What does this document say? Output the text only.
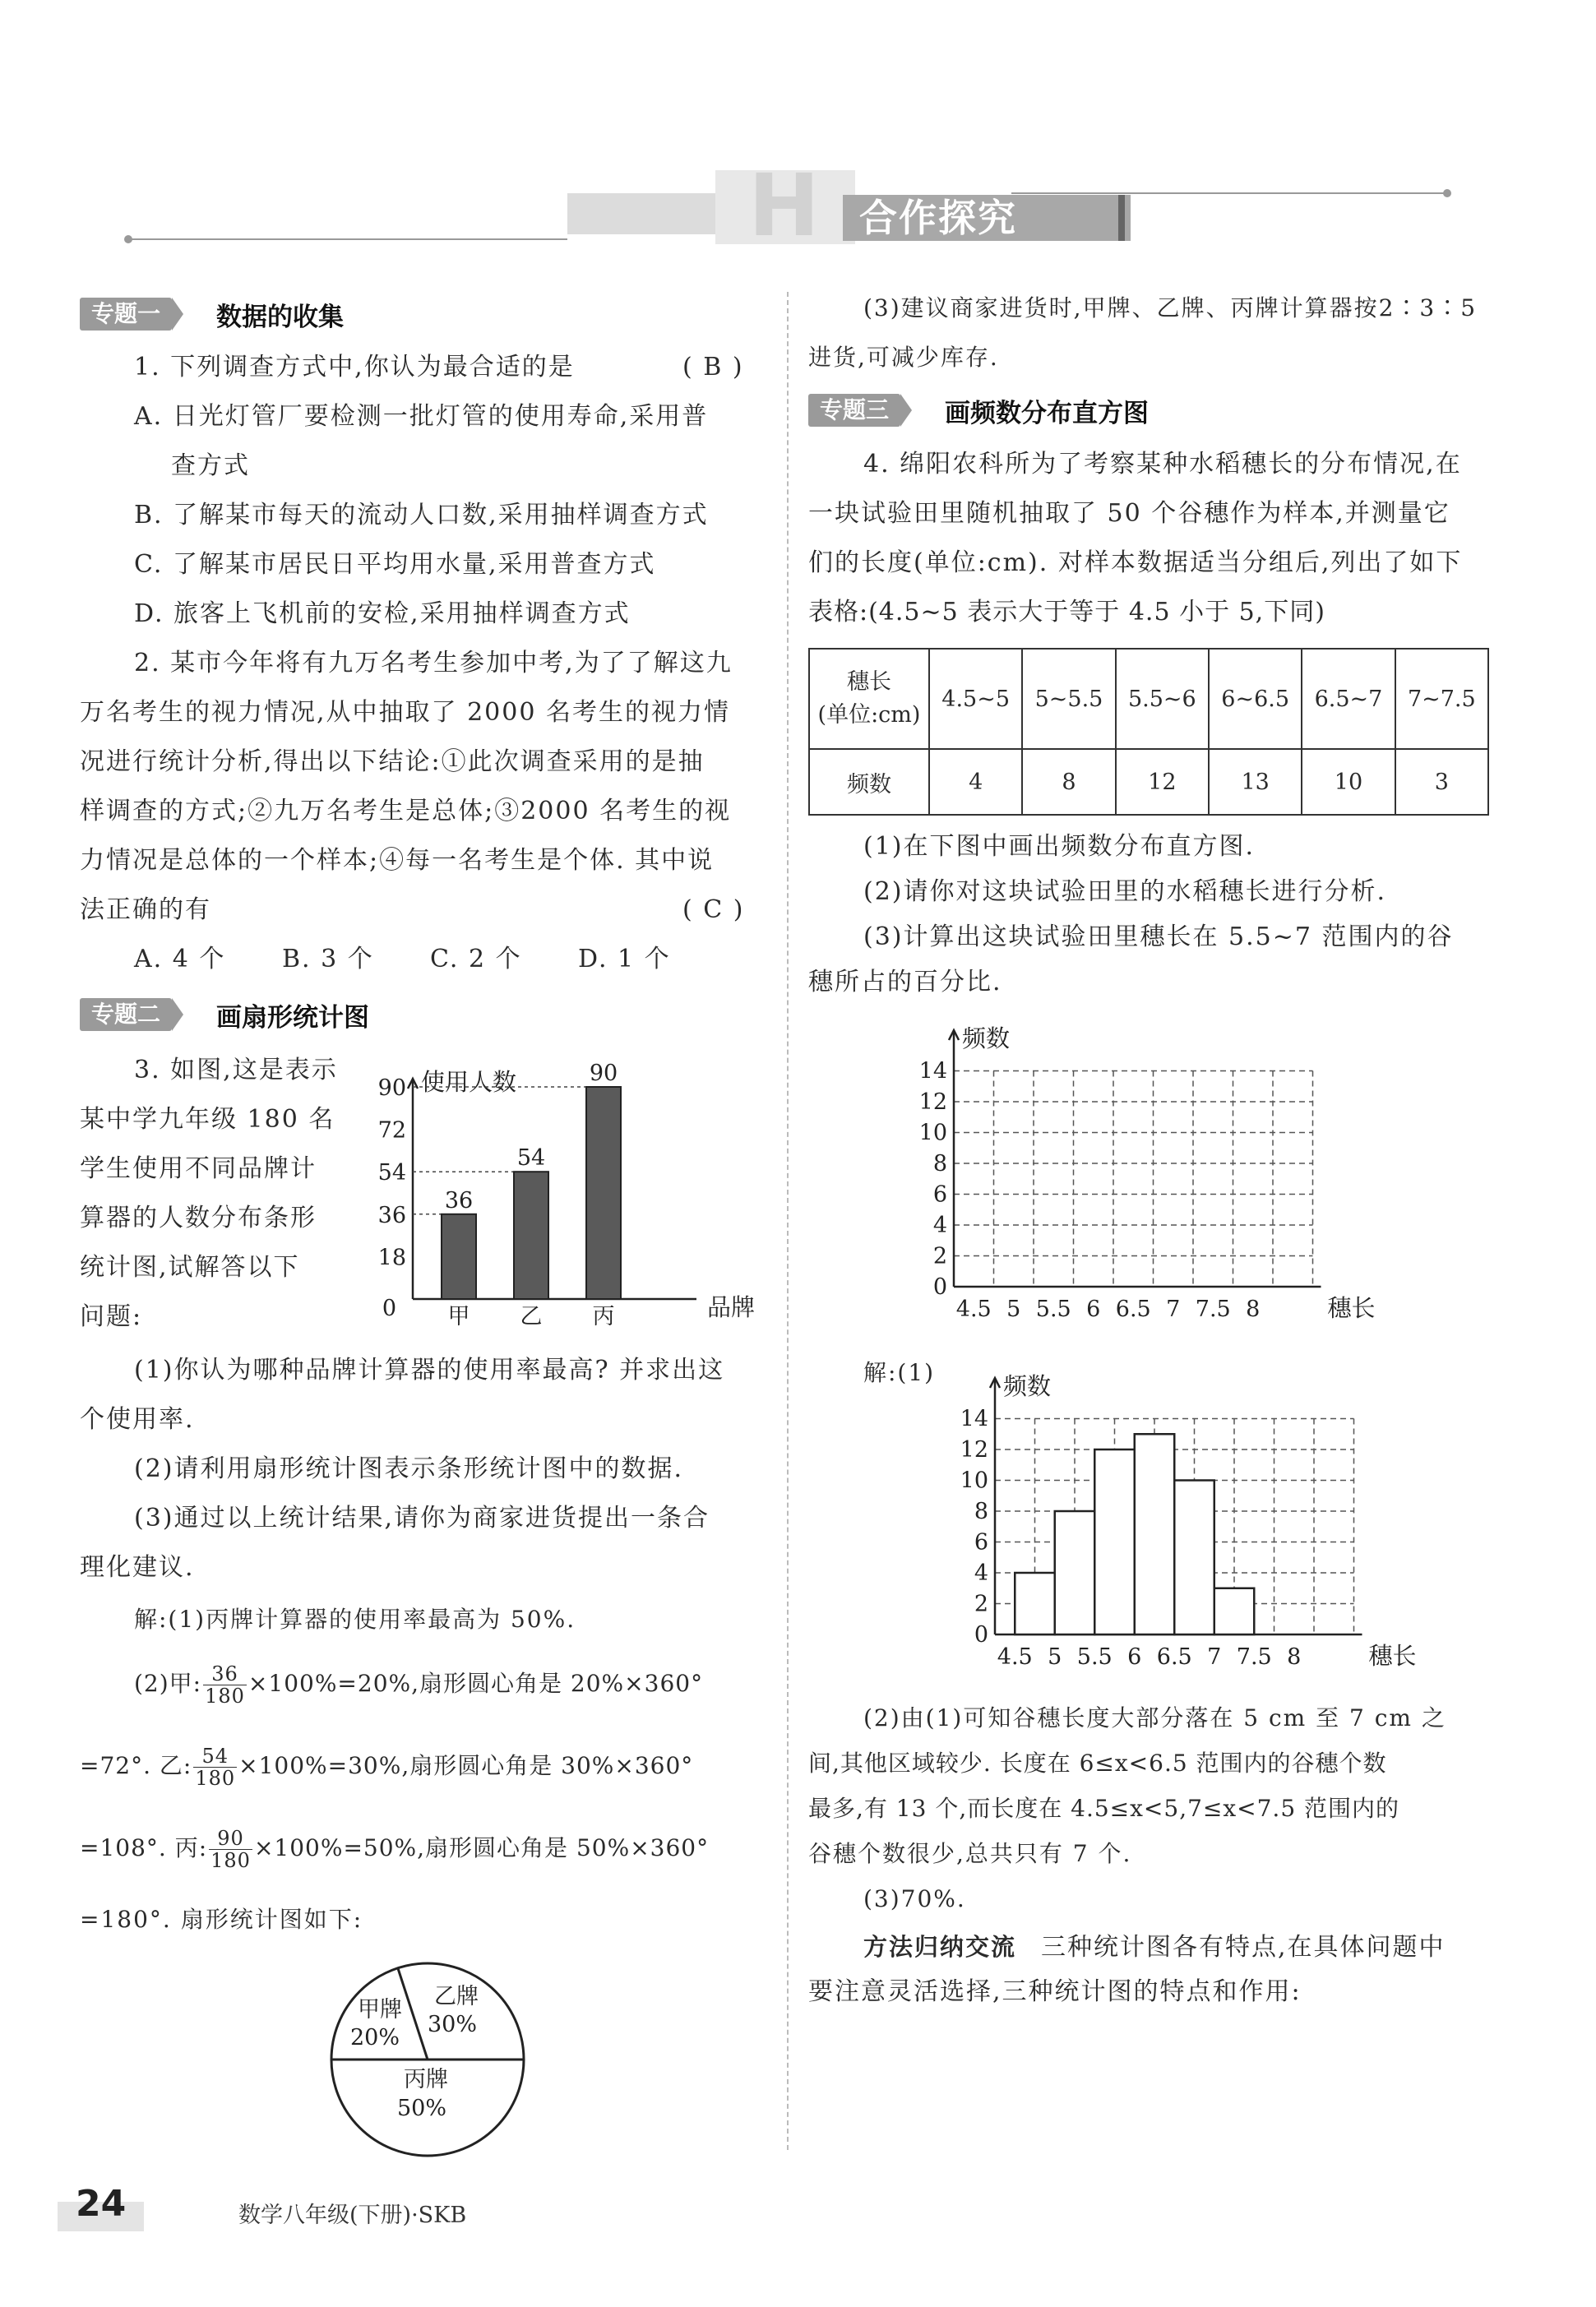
H 合作探究
专题一	数据的收集
1. 下列调查方式中,你认为最合适的是	( B )
A. 日光灯管厂要检测一批灯管的使用寿命,采用普
查方式
B. 了解某市每天的流动人口数,采用抽样调查方式
C. 了解某市居民日平均用水量,采用普查方式
D. 旅客上飞机前的安检,采用抽样调查方式
2. 某市今年将有九万名考生参加中考,为了了解这九
万名考生的视力情况,从中抽取了 2000 名考生的视力情
况进行统计分析,得出以下结论:①此次调查采用的是抽
样调查的方式;②九万名考生是总体;③2000 名考生的视
力情况是总体的一个样本;④每一名考生是个体. 其中说
法正确的有	( C )
A. 4 个 B. 3 个 C. 2 个 D. 1 个
专题二	画扇形统计图
3. 如图,这是表示
某中学九年级 180 名
学生使用不同品牌计
算器的人数分布条形
统计图,试解答以下
问题:
使用人数
品牌
0
18
36
54
72
90
36
甲
54
乙
90
丙
(1)你认为哪种品牌计算器的使用率最高? 并求出这
个使用率.
(2)请利用扇形统计图表示条形统计图中的数据.
(3)通过以上统计结果,请你为商家进货提出一条合
理化建议.
解:(1)丙牌计算器的使用率最高为 50%.
(2)甲: $\frac{36}{180} \times 100\%=20\%$,扇形圆心角是 20%×360°
=72°. 乙: $\frac{54}{180} \times 100\%=30\%$,扇形圆心角是 30%×360°
=108°. 丙: $\frac{90}{180} \times 100\%=50\%$,扇形圆心角是 50%×360°
=180°. 扇形统计图如下:
甲牌
20%
乙牌
30%
丙牌
50%
(3)建议商家进货时,甲牌、乙牌、丙牌计算器按2∶3∶5
进货,可减少库存.
专题三	画频数分布直方图
4. 绵阳农科所为了考察某种水稻穗长的分布情况,在
一块试验田里随机抽取了 50 个谷穗作为样本,并测量它
们的长度(单位:cm). 对样本数据适当分组后,列出了如下
表格:(4.5~5 表示大于等于 4.5 小于 5,下同)
穗长
(单位:cm)	4.5~5	5~5.5	5.5~6	6~6.5	6.5~7	7~7.5
频数	4	8	12	13	10	3
(1)在下图中画出频数分布直方图.
(2)请你对这块试验田里的水稻穗长进行分析.
(3)计算出这块试验田里穗长在 5.5~7 范围内的谷
穗所占的百分比.
频数
穗长
0
2
4
6
8
10
12
14
4.5 5 5.5 6 6.5 7 7.5 8
解:(1)	频数
穗长
0
2
4
6
8
10
12
14
4.5 5 5.5 6 6.5 7 7.5 8
(2)由(1)可知谷穗长度大部分落在 5 cm 至 7 cm 之
间,其他区域较少. 长度在 6≤x<6.5 范围内的谷穗个数
最多,有 13 个,而长度在 4.5≤x<5,7≤x<7.5 范围内的
谷穗个数很少,总共只有 7 个.
(3)70%.
方法归纳交流 三种统计图各有特点,在具体问题中
要注意灵活选择,三种统计图的特点和作用:
24	数学八年级(下册)·SKB
